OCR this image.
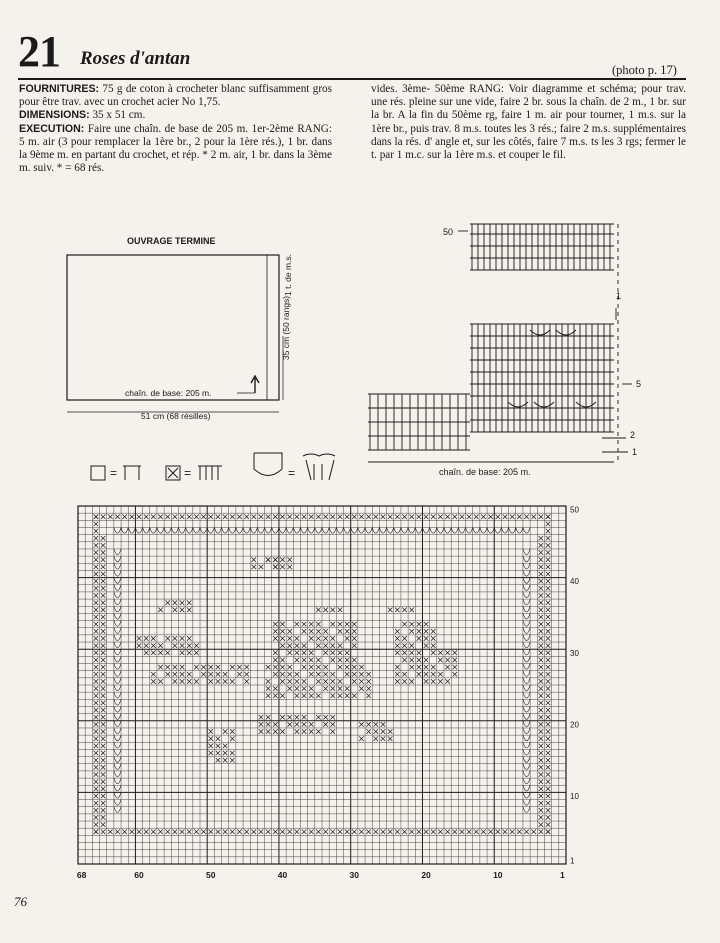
21 Roses d'antan
(photo p. 17)

FOURNITURES: 75 g de coton à crocheter blanc suffisamment gros pour être trav. avec un crochet acier No 1,75.

DIMENSIONS: 35 x 51 cm.

EXECUTION: Faire une chaîn. de base de 205 m. 1er-2ème RANG: 5 m. air (3 pour remplacer la 1ère br., 2 pour la 1ère rés.), 1 br. dans la 9ème m. en partant du crochet, et rép. * 2 m. air, 1 br. dans la 3ème m. suiv. * = 68 rés.

vides. 3ème- 50ème RANG: Voir diagramme et schéma; pour trav. une rés. pleine sur une vide, faire 2 br. sous la chaîn. de 2 m., 1 br. sur la br. A la fin du 50ème rg, faire 1 m. air pour tourner, 1 m.s. sur la 1ère br., puis trav. 8 m.s. toutes les 3 rés.; faire 2 m.s. supplémentaires dans la rés. d' angle et, sur les côtés, faire 7 m.s. ts les 3 rgs; fermer le t. par 1 m.c. sur la 1ère m.s. et couper le fil.

OUVRAGE TERMINE
35 cm (50 rangs)
1 t. de m.s.
chaîn. de base: 205 m.
51 cm (68 résilles)
50
1
5
2
1
chaîn. de base: 205 m.
=	=	=
50
40
30
20
10
1
68	60	50	40	30	20	10	1
76
